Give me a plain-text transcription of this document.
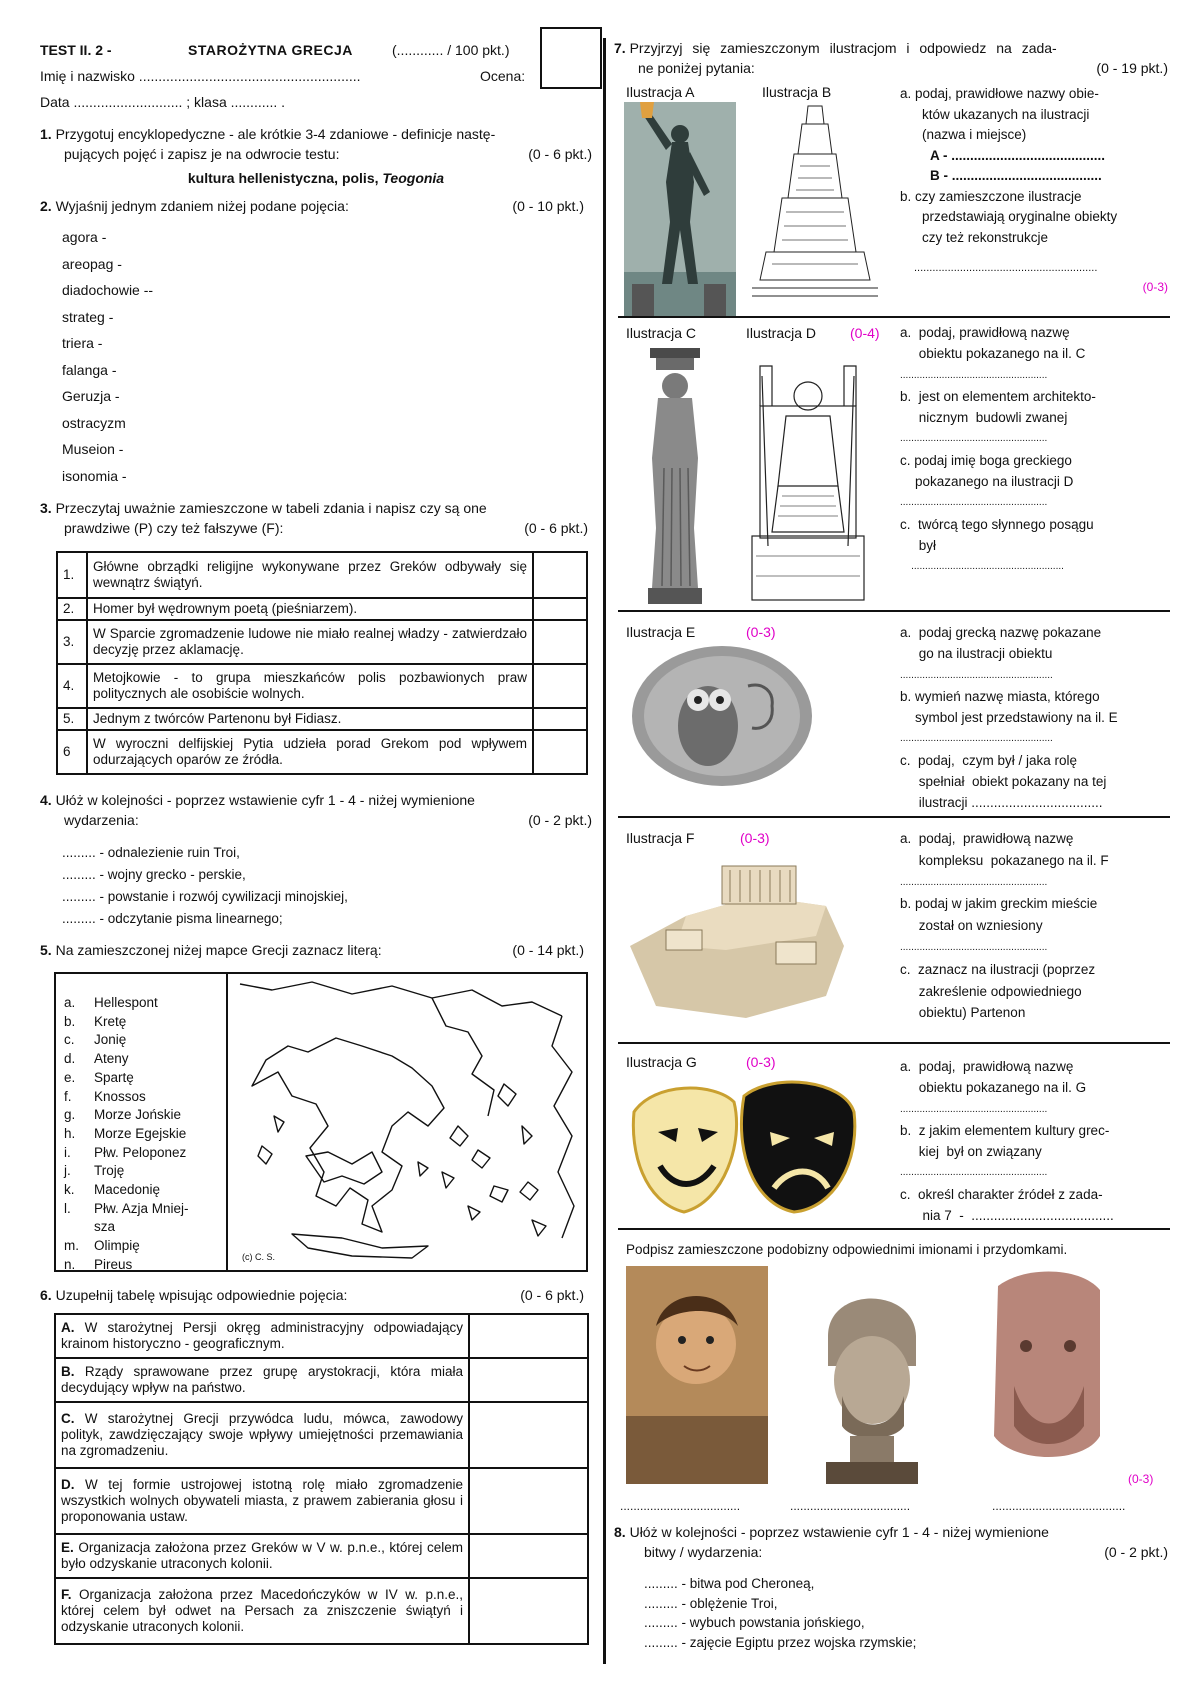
TEST II. 2 -	STAROŻYTNA GRECJA	(............ / 100 pkt.)
Imię i nazwisko .........................................................	Ocena:
Data ............................ ; klasa ............ .
1. Przygotuj encyklopedyczne - ale krótkie 3-4 zdaniowe - definicje nastę-
pujących pojęć i zapisz je na odwrocie testu:	(0 - 6 pkt.)
kultura hellenistyczna, polis, Teogonia
2. Wyjaśnij jednym zdaniem niżej podane pojęcia:	(0 - 10 pkt.)
agora -
areopag -
diadochowie --
strateg -
triera -
falanga -
Geruzja -
ostracyzm
Museion -
isonomia -
3. Przeczytaj uważnie zamieszczone w tabeli zdania i napisz czy są one
prawdziwe (P) czy też fałszywe (F):	(0 - 6 pkt.)
1.	Główne obrządki religijne wykonywane przez Greków odbywały się wewnątrz świątyń.	
2.	Homer był wędrownym poetą (pieśniarzem).	
3.	W Sparcie zgromadzenie ludowe nie miało realnej władzy - zatwierdzało decyzję przez aklamację.	
4.	Metojkowie - to grupa mieszkańców polis pozbawionych praw politycznych ale osobiście wolnych.	
5.	Jednym z twórców Partenonu był Fidiasz.	
6	W wyroczni delfijskiej Pytia udzieła porad Grekom pod wpływem odurzających oparów ze źródła.	
4. Ułóż w kolejności - poprzez wstawienie cyfr 1 - 4 - niżej wymienione
wydarzenia:	(0 - 2 pkt.)
......... - odnalezienie ruin Troi,
......... - wojny grecko - perskie,
......... - powstanie i rozwój cywilizacji minojskiej,
......... - odczytanie pisma linearnego;
5. Na zamieszczonej niżej mapce Grecji zaznacz literą:	(0 - 14 pkt.)
a.	Hellespont
b.	Kretę
c.	Jonię
d.	Ateny
e.	Spartę
f.	Knossos
g.	Morze Jońskie
h.	Morze Egejskie
i.	Płw. Peloponez
j.	Troję
k.	Macedonię
l.	Płw. Azja Mniej-
sza
m.	Olimpię
n.	Pireus	(c) C. S.
6. Uzupełnij tabelę wpisując odpowiednie pojęcia:	(0 - 6 pkt.)
A. W starożytnej Persji okręg administracyjny odpowiadający krainom historyczno - geograficznym.	
B. Rządy sprawowane przez grupę arystokracji, która miała decydujący wpływ na państwo.	
C. W starożytnej Grecji przywódca ludu, mówca, zawodowy polityk, zawdzięczający swoje wpływy umiejętności przemawiania na zgromadzeniu.	
D. W tej formie ustrojowej istotną rolę miało zgromadzenie wszystkich wolnych obywateli miasta, z prawem zabierania głosu i proponowania ustaw.	
E. Organizacja założona przez Greków w V w. p.n.e., której celem było odzyskanie utraconych kolonii.	
F. Organizacja założona przez Macedończyków w IV w. p.n.e., której celem był odwet na Persach za zniszczenie świątyń i odzyskanie utraconych kolonii.	
7. Przyjrzyj się zamieszczonym ilustracjom i odpowiedz na zada-
ne poniżej pytania:	(0 - 19 pkt.)
Ilustracja A	Ilustracja B	a. podaj, prawidłowe nazwy obie-
któw ukazanych na ilustracji
(nazwa i miejsce)
A - .........................................
B - ........................................
b. czy zamieszczone ilustracje
przedstawiają oryginalne obiekty
czy też rekonstrukcje
............................................................
(0-3)
Ilustracja C	Ilustracja D (0-4) a.  podaj, prawidłową nazwę
obiektu pokazanego na il. C
.....................................................
b.  jest on elementem architekto-
nicznym  budowli zwanej
.....................................................
c. podaj imię boga greckiego
pokazanego na ilustracji D
.....................................................
c.  twórcą tego słynnego posągu
był
.......................................................
Ilustracja E	(0-3)	a.  podaj grecką nazwę pokazane
go na ilustracji obiektu
.......................................................
b. wymień nazwę miasta, którego
symbol jest przedstawiony na il. E
.......................................................
c.  podaj,  czym był / jaka rolę
spełniał  obiekt pokazany na tej
ilustracji ...................................
Ilustracja F	(0-3)	a.  podaj,  prawidłową nazwę
kompleksu  pokazanego na il. F
.....................................................
b. podaj w jakim greckim mieście
został on wzniesiony
.....................................................
c.  zaznacz na ilustracji (poprzez
zakreślenie odpowiedniego
obiektu) Partenon
Ilustracja G	(0-3)	a.  podaj,  prawidłową nazwę
obiektu pokazanego na il. G
.....................................................
b.  z jakim elementem kultury grec-
kiej  był on związany
.....................................................
c.  określ charakter źródeł z zada-
nia 7  -  ......................................
Podpisz zamieszczone podobizny odpowiednimi imionami i przydomkami.
(0-3)
....................................	....................................	........................................
8. Ułóż w kolejności - poprzez wstawienie cyfr 1 - 4 - niżej wymienione
bitwy / wydarzenia:	(0 - 2 pkt.)
......... - bitwa pod Cheroneą,
......... - oblężenie Troi,
......... - wybuch powstania jońskiego,
......... - zajęcie Egiptu przez wojska rzymskie;
